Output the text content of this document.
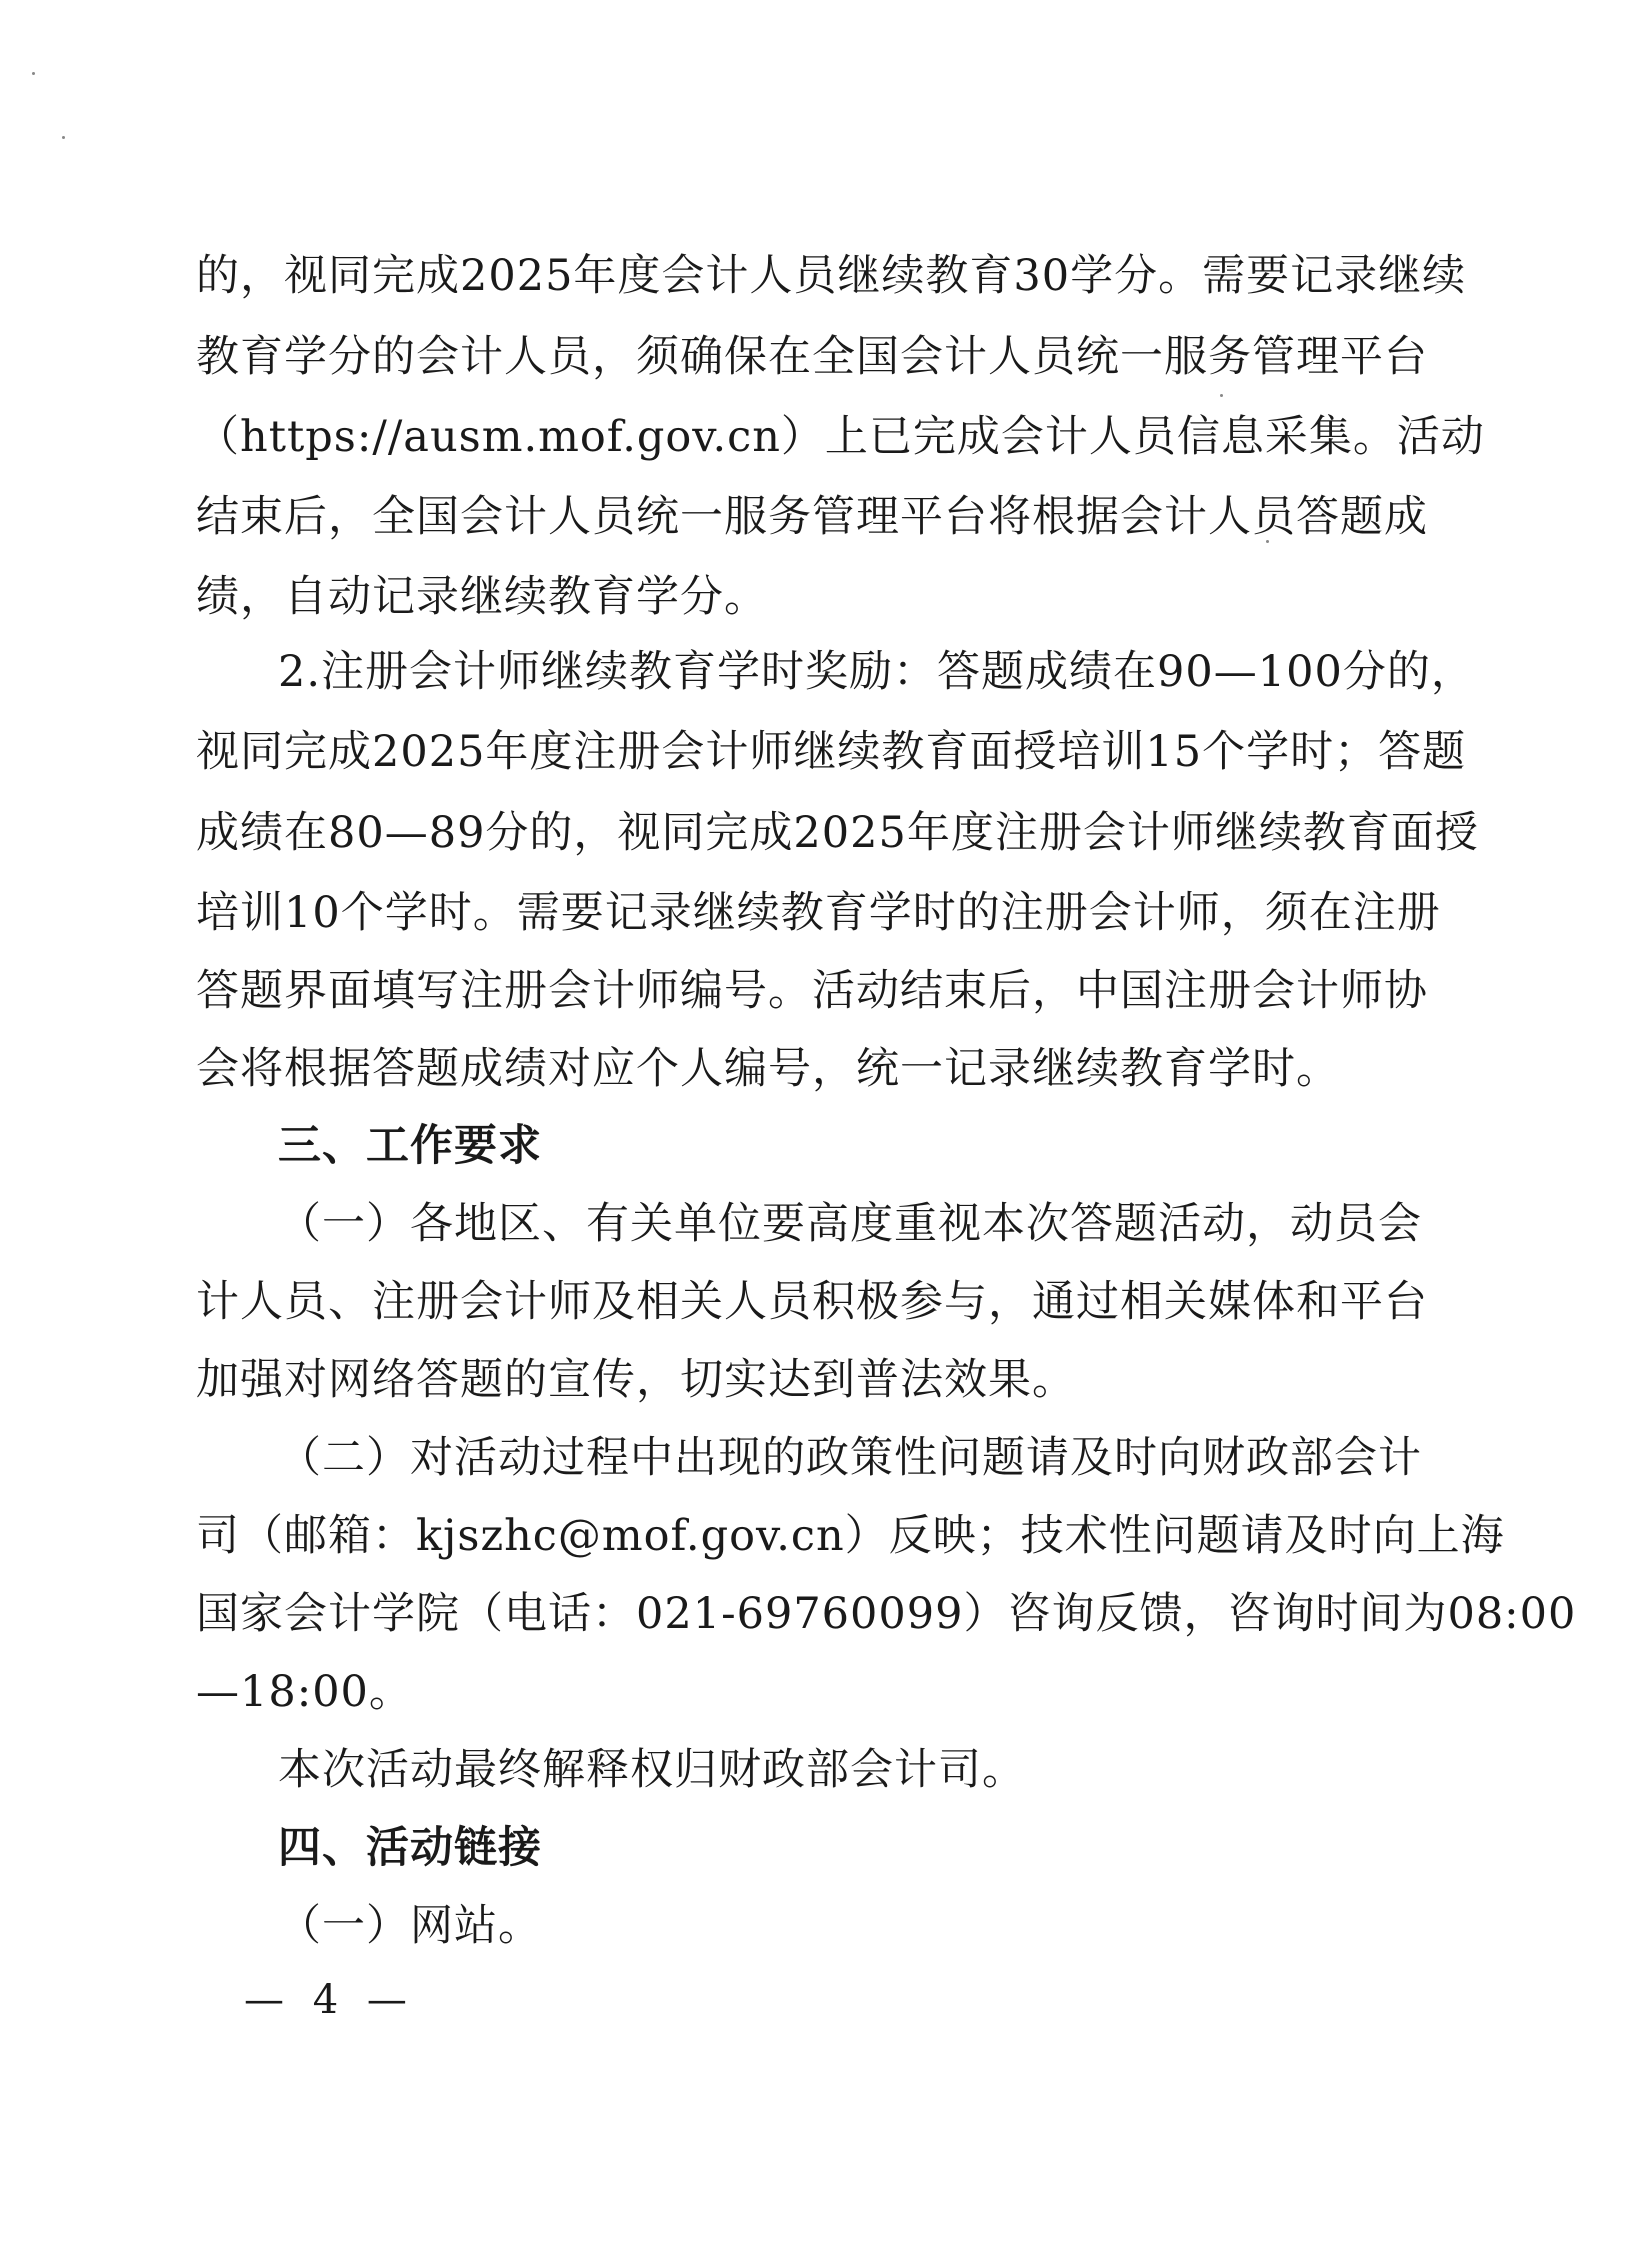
的，视同完成2025年度会计人员继续教育30学分。需要记录继续
教育学分的会计人员，须确保在全国会计人员统一服务管理平台
（https://ausm.mof.gov.cn）上已完成会计人员信息采集。活动
结束后，全国会计人员统一服务管理平台将根据会计人员答题成
绩，自动记录继续教育学分。
2.注册会计师继续教育学时奖励：答题成绩在90—100分的，
视同完成2025年度注册会计师继续教育面授培训15个学时；答题
成绩在80—89分的，视同完成2025年度注册会计师继续教育面授
培训10个学时。需要记录继续教育学时的注册会计师，须在注册
答题界面填写注册会计师编号。活动结束后，中国注册会计师协
会将根据答题成绩对应个人编号，统一记录继续教育学时。
三、工作要求
（一）各地区、有关单位要高度重视本次答题活动，动员会
计人员、注册会计师及相关人员积极参与，通过相关媒体和平台
加强对网络答题的宣传，切实达到普法效果。
（二）对活动过程中出现的政策性问题请及时向财政部会计
司（邮箱：kjszhc@mof.gov.cn）反映；技术性问题请及时向上海
国家会计学院（电话：021-69760099）咨询反馈，咨询时间为08:00
—18:00。
本次活动最终解释权归财政部会计司。
四、活动链接
（一）网站。
— 4 —
